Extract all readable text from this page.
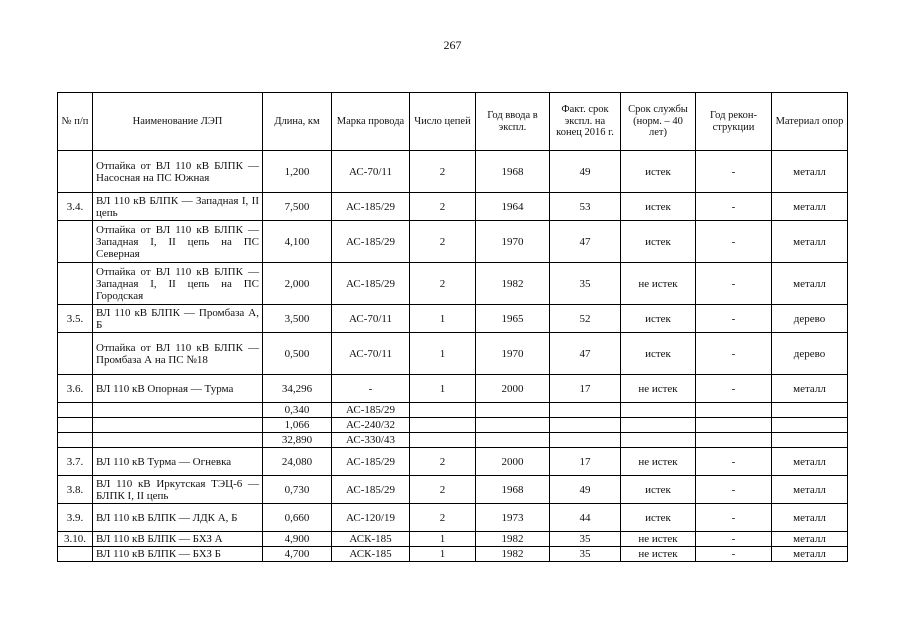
267
№ п/п	Наименование ЛЭП	Длина, км	Марка провода	Число цепей	Год ввода в экспл.	Факт. срок экспл. на конец 2016 г.	Срок службы (норм. – 40 лет)	Год рекон-струкции	Материал опор
	Отпайка от ВЛ 110 кВ БЛПК — Насосная на ПС Южная	1,200	АС-70/11	2	1968	49	истек	-	металл
3.4.	ВЛ 110 кВ БЛПК — Западная I, II цепь	7,500	АС-185/29	2	1964	53	истек	-	металл
	Отпайка от ВЛ 110 кВ БЛПК — Западная I, II цепь на ПС Северная	4,100	АС-185/29	2	1970	47	истек	-	металл
	Отпайка от ВЛ 110 кВ БЛПК — Западная I, II цепь на ПС Городская	2,000	АС-185/29	2	1982	35	не истек	-	металл
3.5.	ВЛ 110 кВ БЛПК — Промбаза А, Б	3,500	АС-70/11	1	1965	52	истек	-	дерево
	Отпайка от ВЛ 110 кВ БЛПК — Промбаза А на ПС №18	0,500	АС-70/11	1	1970	47	истек	-	дерево
3.6.	ВЛ 110 кВ Опорная — Турма	34,296	-	1	2000	17	не истек	-	металл
		0,340	АС-185/29						
		1,066	АС-240/32						
		32,890	АС-330/43						
3.7.	ВЛ 110 кВ Турма — Огневка	24,080	АС-185/29	2	2000	17	не истек	-	металл
3.8.	ВЛ 110 кВ Иркутская ТЭЦ-6 — БЛПК I, II цепь	0,730	АС-185/29	2	1968	49	истек	-	металл
3.9.	ВЛ 110 кВ БЛПК — ЛДК А, Б	0,660	АС-120/19	2	1973	44	истек	-	металл
3.10.	ВЛ 110 кВ БЛПК — БХЗ А	4,900	АСК-185	1	1982	35	не истек	-	металл
	ВЛ 110 кВ БЛПК — БХЗ Б	4,700	АСК-185	1	1982	35	не истек	-	металл
